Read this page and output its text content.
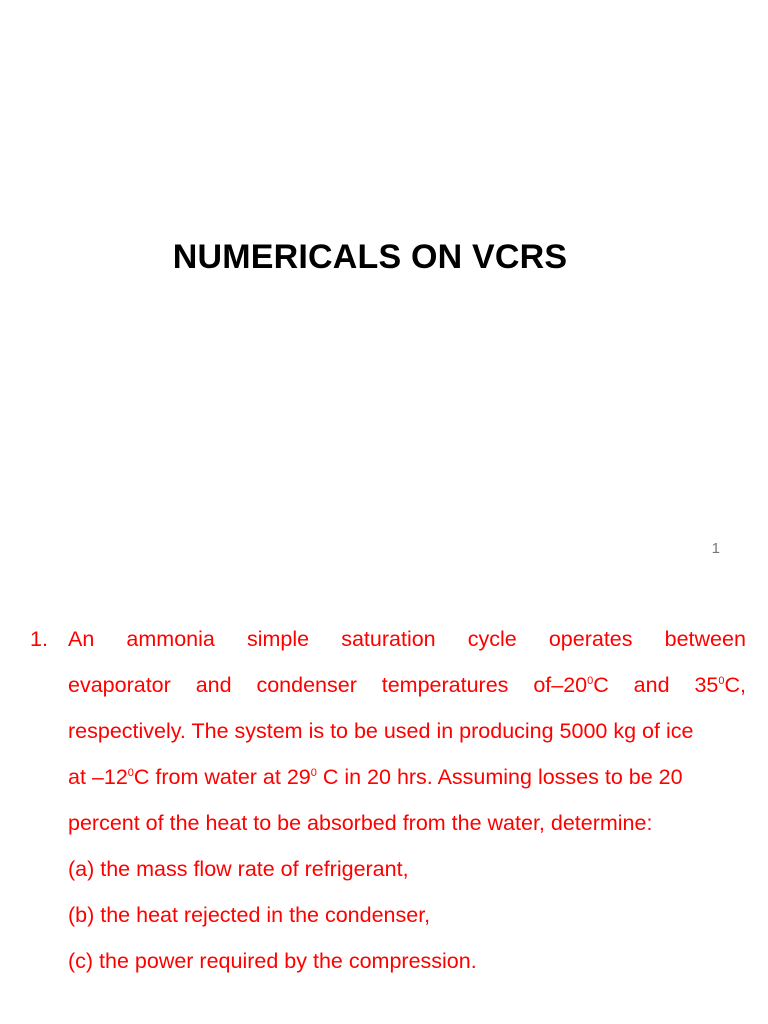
NUMERICALS ON VCRS
1
1. An ammonia simple saturation cycle operates between
evaporator and condenser temperatures $of-20^0C$ and $35^0C$,
respectively. The system is to be used in producing 5000 kg of ice
at $-12^0C$ from water at $29^0$ C in 20 hrs. Assuming losses to be 20
percent of the heat to be absorbed from the water, determine:
(a) the mass flow rate of refrigerant,
(b) the heat rejected in the condenser,
(c) the power required by the compression.
